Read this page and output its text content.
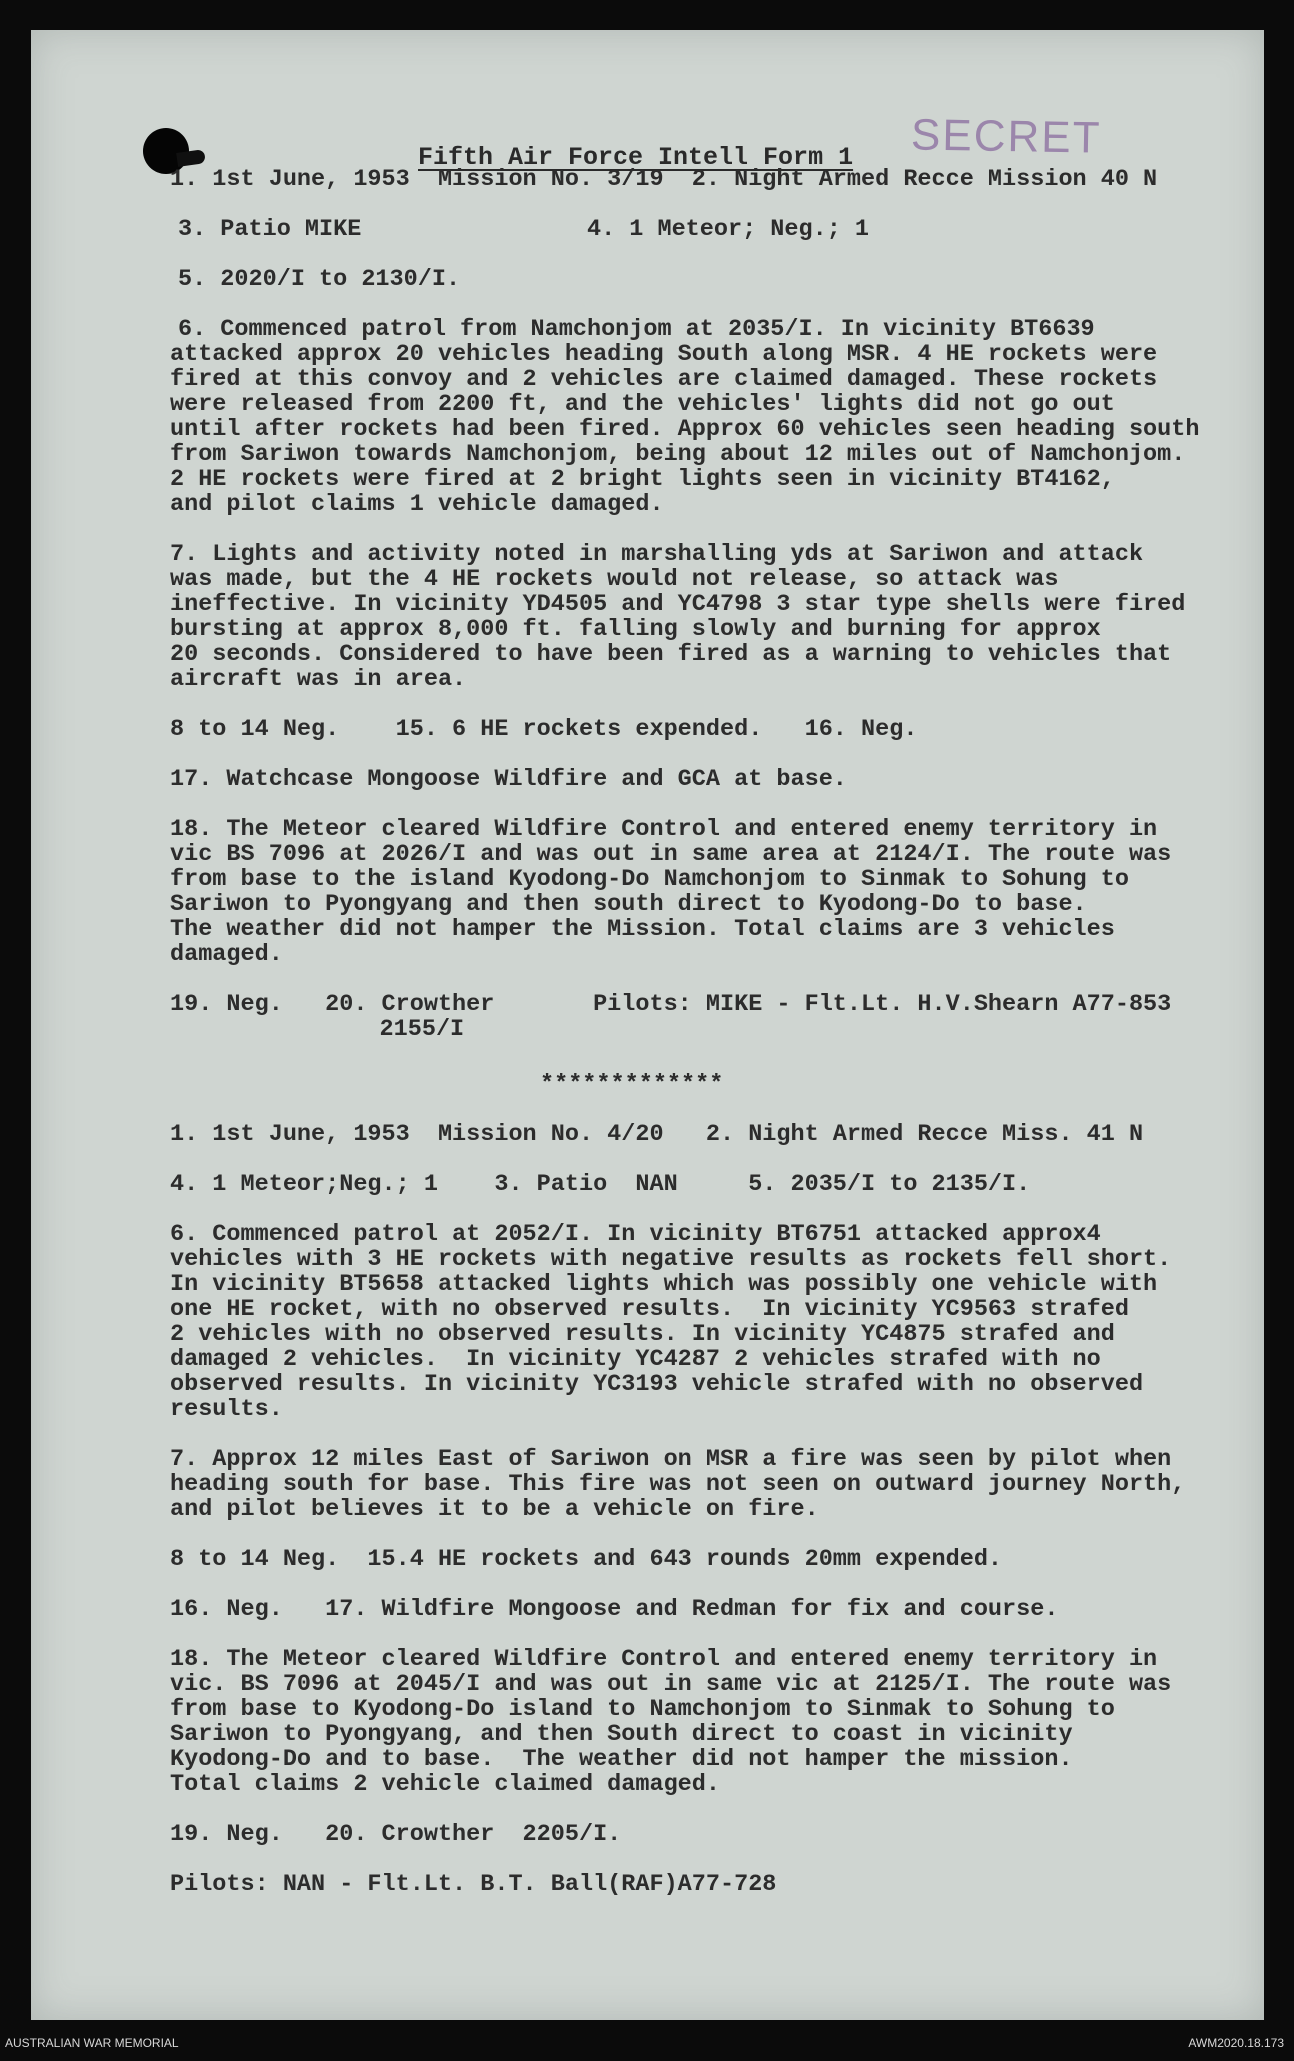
SECRET
Fifth Air Force Intell Form 1

1. 1st June, 1953  Mission No. 3/19  2. Night Armed Recce Mission 40 N

3. Patio MIKE                4. 1 Meteor; Neg.; 1

5. 2020/I to 2130/I.

6. Commenced patrol from Namchonjom at 2035/I. In vicinity BT6639

attacked approx 20 vehicles heading South along MSR. 4 HE rockets were

fired at this convoy and 2 vehicles are claimed damaged. These rockets

were released from 2200 ft, and the vehicles' lights did not go out

until after rockets had been fired. Approx 60 vehicles seen heading south

from Sariwon towards Namchonjom, being about 12 miles out of Namchonjom.

2 HE rockets were fired at 2 bright lights seen in vicinity BT4162,

and pilot claims 1 vehicle damaged.

7. Lights and activity noted in marshalling yds at Sariwon and attack

was made, but the 4 HE rockets would not release, so attack was

ineffective. In vicinity YD4505 and YC4798 3 star type shells were fired

bursting at approx 8,000 ft. falling slowly and burning for approx

20 seconds. Considered to have been fired as a warning to vehicles that

aircraft was in area.

8 to 14 Neg.    15. 6 HE rockets expended.   16. Neg.

17. Watchcase Mongoose Wildfire and GCA at base.

18. The Meteor cleared Wildfire Control and entered enemy territory in

vic BS 7096 at 2026/I and was out in same area at 2124/I. The route was

from base to the island Kyodong-Do Namchonjom to Sinmak to Sohung to

Sariwon to Pyongyang and then south direct to Kyodong-Do to base.

The weather did not hamper the Mission. Total claims are 3 vehicles

damaged.

19. Neg.   20. Crowther       Pilots: MIKE - Flt.Lt. H.V.Shearn A77-853

2155/I

*************

1. 1st June, 1953  Mission No. 4/20   2. Night Armed Recce Miss. 41 N

4. 1 Meteor;Neg.; 1    3. Patio  NAN     5. 2035/I to 2135/I.

6. Commenced patrol at 2052/I. In vicinity BT6751 attacked approx4

vehicles with 3 HE rockets with negative results as rockets fell short.

In vicinity BT5658 attacked lights which was possibly one vehicle with

one HE rocket, with no observed results.  In vicinity YC9563 strafed

2 vehicles with no observed results. In vicinity YC4875 strafed and

damaged 2 vehicles.  In vicinity YC4287 2 vehicles strafed with no

observed results. In vicinity YC3193 vehicle strafed with no observed

results.

7. Approx 12 miles East of Sariwon on MSR a fire was seen by pilot when

heading south for base. This fire was not seen on outward journey North,

and pilot believes it to be a vehicle on fire.

8 to 14 Neg.  15.4 HE rockets and 643 rounds 20mm expended.

16. Neg.   17. Wildfire Mongoose and Redman for fix and course.

18. The Meteor cleared Wildfire Control and entered enemy territory in

vic. BS 7096 at 2045/I and was out in same vic at 2125/I. The route was

from base to Kyodong-Do island to Namchonjom to Sinmak to Sohung to

Sariwon to Pyongyang, and then South direct to coast in vicinity

Kyodong-Do and to base.  The weather did not hamper the mission.

Total claims 2 vehicle claimed damaged.

19. Neg.   20. Crowther  2205/I.

Pilots: NAN - Flt.Lt. B.T. Ball(RAF)A77-728

AUSTRALIAN WAR MEMORIAL	AWM2020.18.173
